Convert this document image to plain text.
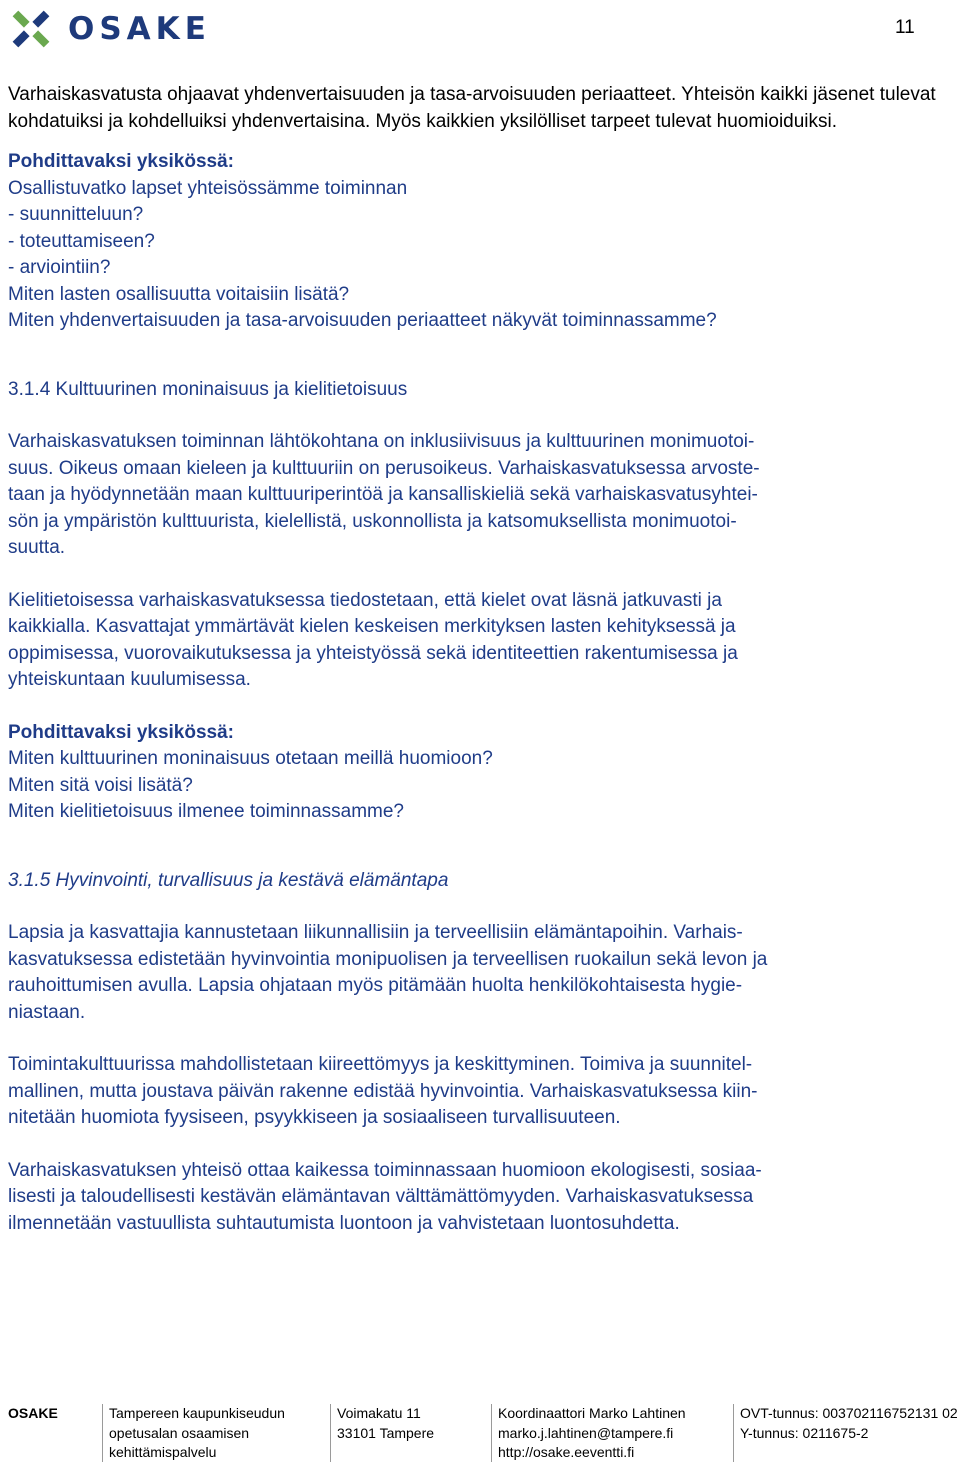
OSAKE	11

Varhaiskasvatusta ohjaavat yhdenvertaisuuden ja tasa-arvoisuuden periaatteet. Yhteisön kaikki jäsenet tulevat kohdatuiksi ja kohdelluiksi yhdenvertaisina. Myös kaikkien yksilölliset tarpeet tulevat huomioiduiksi.

Pohdittavaksi yksikössä:

Osallistuvatko lapset yhteisössämme toiminnan

- suunnitteluun?

- toteuttamiseen?

- arviointiin?

Miten lasten osallisuutta voitaisiin lisätä?

Miten yhdenvertaisuuden ja tasa-arvoisuuden periaatteet näkyvät toiminnassamme?

3.1.4 Kulttuurinen moninaisuus ja kielitietoisuus

Varhaiskasvatuksen toiminnan lähtökohtana on inklusiivisuus ja kulttuurinen monimuotoi-

suus. Oikeus omaan kieleen ja kulttuuriin on perusoikeus. Varhaiskasvatuksessa arvoste-

taan ja hyödynnetään maan kulttuuriperintöä ja kansalliskieliä sekä varhaiskasvatusyhtei-

sön ja ympäristön kulttuurista, kielellistä, uskonnollista ja katsomuksellista monimuotoi-

suutta.

Kielitietoisessa varhaiskasvatuksessa tiedostetaan, että kielet ovat läsnä jatkuvasti ja

kaikkialla. Kasvattajat ymmärtävät kielen keskeisen merkityksen lasten kehityksessä ja

oppimisessa, vuorovaikutuksessa ja yhteistyössä sekä identiteettien rakentumisessa ja

yhteiskuntaan kuulumisessa.

Pohdittavaksi yksikössä:

Miten kulttuurinen moninaisuus otetaan meillä huomioon?

Miten sitä voisi lisätä?

Miten kielitietoisuus ilmenee toiminnassamme?

3.1.5 Hyvinvointi, turvallisuus ja kestävä elämäntapa

Lapsia ja kasvattajia kannustetaan liikunnallisiin ja terveellisiin elämäntapoihin. Varhais-

kasvatuksessa edistetään hyvinvointia monipuolisen ja terveellisen ruokailun sekä levon ja

rauhoittumisen avulla. Lapsia ohjataan myös pitämään huolta henkilökohtaisesta hygie-

niastaan.

Toimintakulttuurissa mahdollistetaan kiireettömyys ja keskittyminen. Toimiva ja suunnitel-

mallinen, mutta joustava päivän rakenne edistää hyvinvointia. Varhaiskasvatuksessa kiin-

nitetään huomiota fyysiseen, psyykkiseen ja sosiaaliseen turvallisuuteen.

Varhaiskasvatuksen yhteisö ottaa kaikessa toiminnassaan huomioon ekologisesti, sosiaa-

lisesti ja taloudellisesti kestävän elämäntavan välttämättömyyden. Varhaiskasvatuksessa

ilmennetään vastuullista suhtautumista luontoon ja vahvistetaan luontosuhdetta.

OSAKE	Tampereen kaupunkiseudun
opetusalan osaamisen
kehittämispalvelu
Voimakatu 11
33101 Tampere
Koordinaattori Marko Lahtinen
marko.j.lahtinen@tampere.fi
http://osake.eeventti.fi
OVT-tunnus: 003702116752131 02
Y-tunnus: 0211675-2
